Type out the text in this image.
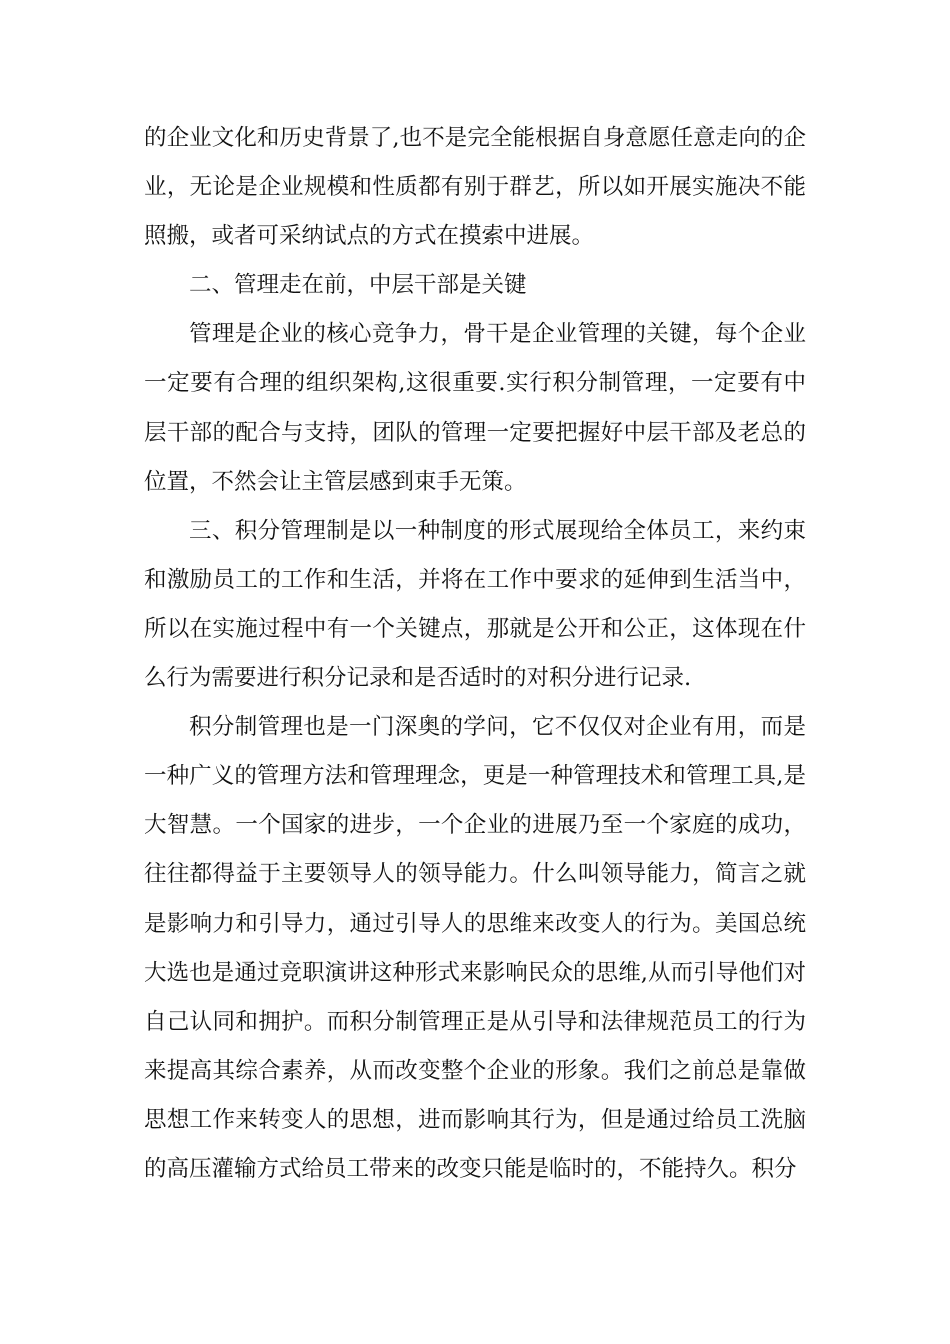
的企业文化和历史背景了,也不是完全能根据自身意愿任意走向的企业，无论是企业规模和性质都有别于群艺，所以如开展实施决不能照搬，或者可采纳试点的方式在摸索中进展。

二、管理走在前，中层干部是关键

管理是企业的核心竞争力，骨干是企业管理的关键，每个企业一定要有合理的组织架构,这很重要.实行积分制管理，一定要有中层干部的配合与支持，团队的管理一定要把握好中层干部及老总的位置，不然会让主管层感到束手无策。

三、积分管理制是以一种制度的形式展现给全体员工，来约束和激励员工的工作和生活，并将在工作中要求的延伸到生活当中，所以在实施过程中有一个关键点，那就是公开和公正，这体现在什么行为需要进行积分记录和是否适时的对积分进行记录.

积分制管理也是一门深奥的学问，它不仅仅对企业有用，而是一种广义的管理方法和管理理念，更是一种管理技术和管理工具,是大智慧。一个国家的进步，一个企业的进展乃至一个家庭的成功，往往都得益于主要领导人的领导能力。什么叫领导能力，简言之就是影响力和引导力，通过引导人的思维来改变人的行为。美国总统大选也是通过竞职演讲这种形式来影响民众的思维,从而引导他们对自己认同和拥护。而积分制管理正是从引导和法律规范员工的行为来提高其综合素养，从而改变整个企业的形象。我们之前总是靠做思想工作来转变人的思想，进而影响其行为，但是通过给员工洗脑的高压灌输方式给员工带来的改变只能是临时的，不能持久。积分
